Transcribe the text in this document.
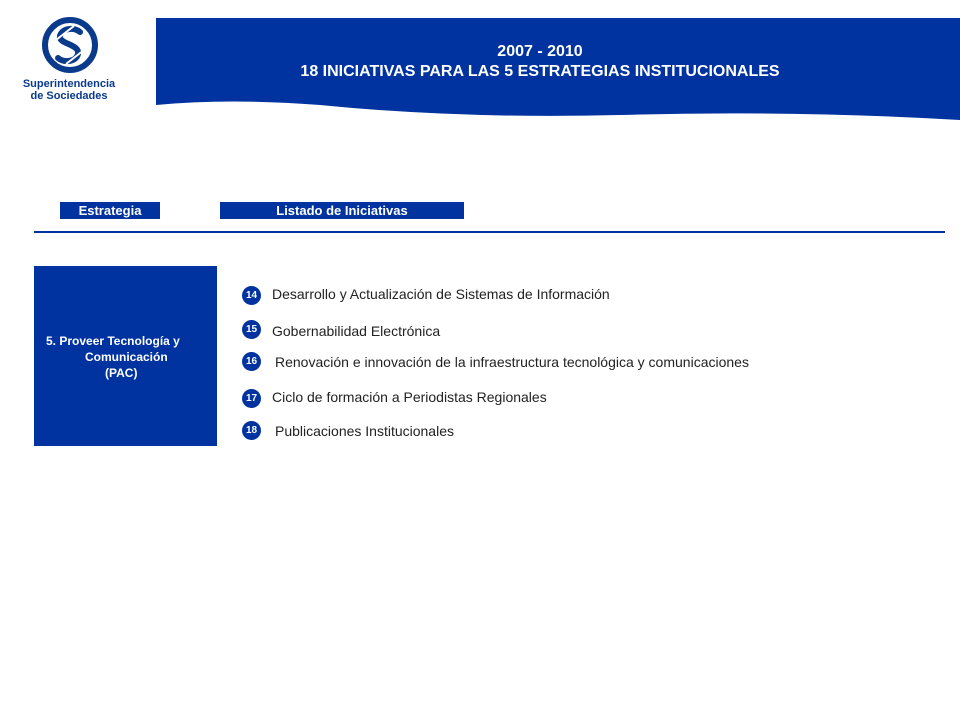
Superintendencia
de Sociedades
2007 - 2010
18 INICIATIVAS PARA LAS 5 ESTRATEGIAS INSTITUCIONALES
Estrategia	Listado de Iniciativas
5. Proveer Tecnología y
Comunicación
(PAC)
14 Desarrollo y Actualización de Sistemas de Información
15 Gobernabilidad Electrónica
16 Renovación e innovación de la infraestructura tecnológica y comunicaciones
17 Ciclo de formación a Periodistas Regionales
18 Publicaciones Institucionales
